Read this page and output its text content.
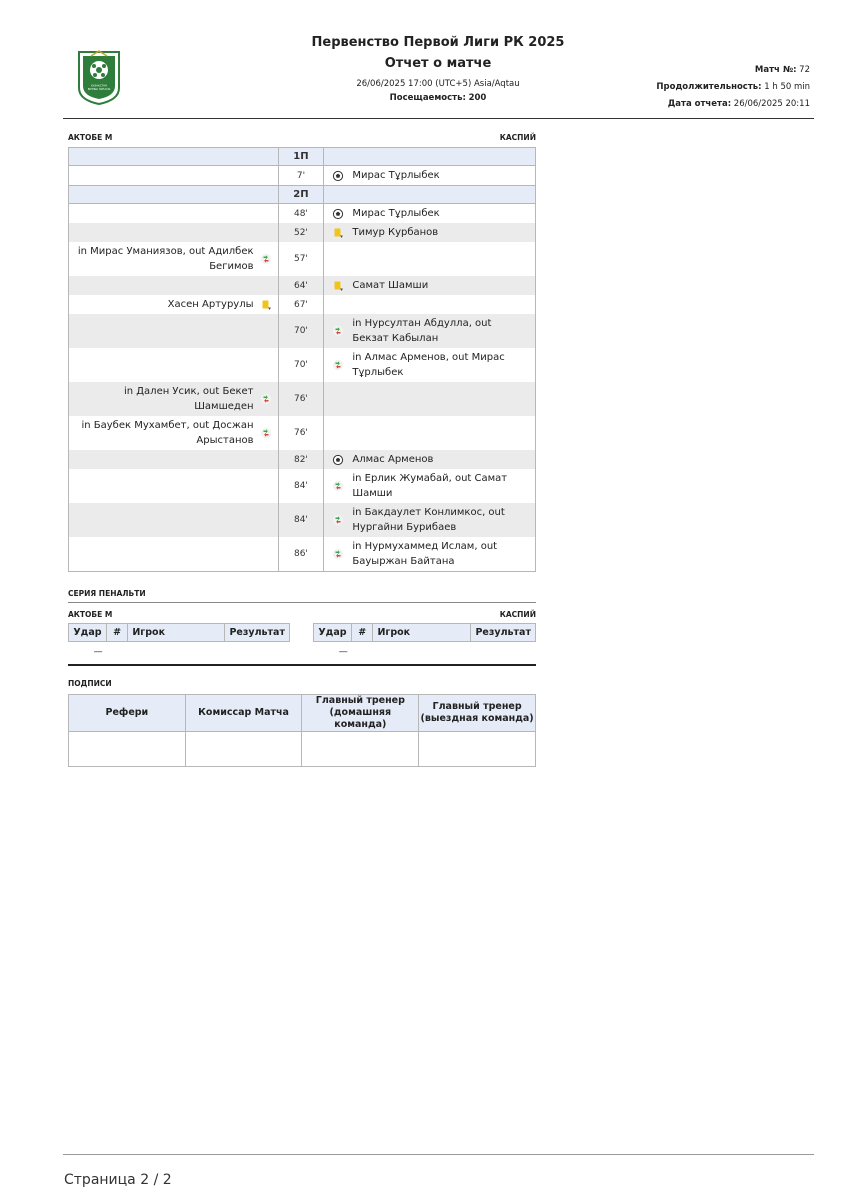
ҚАЗАҚСТАН
БІРІНШІ ЛИГАСЫ
Первенство Первой Лиги РК 2025
Отчет о матче
26/06/2025 17:00 (UTC+5) Asia/Aqtau
Посещаемость: 200
Матч №: 72
Продолжительность: 1 h 50 min
Дата отчета: 26/06/2025 20:11
АКТОБЕ М	КАСПИЙ
	1П	
	7'	Мирас Тұрлыбек

	2П	
	48'	Мирас Тұрлыбек

	52'	Тимур Курбанов

in Мирас Уманиязов, out Адилбек Бегимов	57'	
	64'	Самат Шамши

Хасен Артурулы	67'	
	70'	in Нурсултан Абдулла, out Бекзат Кабылан

	70'	in Алмас Арменов, out Мирас Тұрлыбек

in Дален Усик, out Бекет Шамшеден	76'	

in Баубек Мухамбет, out Досжан Арыстанов	76'	
	82'	Алмас Арменов

	84'	in Ерлик Жумабай, out Самат Шамши

	84'	in Бакдаулет Конлимкос, out Нургайни Бурибаев

	86'	in Нурмухаммед Ислам, out Бауыржан Байтана
СЕРИЯ ПЕНАЛЬТИ
АКТОБЕ М	КАСПИЙ
Удар	#	Игрок	Результат
—			
Удар	#	Игрок	Результат
—			
ПОДПИСИ
Рефери	Комиссар Матча	Главный тренер (домашняя команда)	Главный тренер (выездная команда)

Страница 2 / 2
